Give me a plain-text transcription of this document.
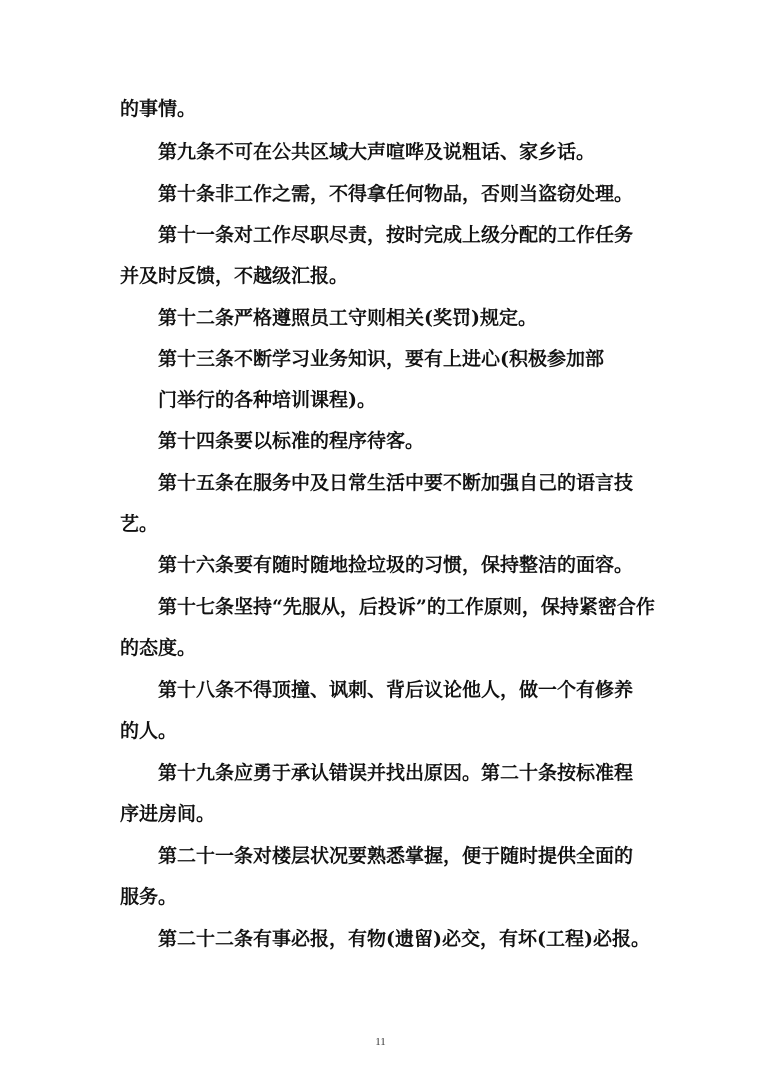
的事情。
第九条不可在公共区域大声喧哗及说粗话、家乡话。
第十条非工作之需，不得拿任何物品，否则当盗窃处理。
第十一条对工作尽职尽责，按时完成上级分配的工作任务
并及时反馈，不越级汇报。
第十二条严格遵照员工守则相关(奖罚)规定。
第十三条不断学习业务知识，要有上进心(积极参加部
门举行的各种培训课程)。
第十四条要以标准的程序待客。
第十五条在服务中及日常生活中要不断加强自己的语言技
艺。
第十六条要有随时随地捡垃圾的习惯，保持整洁的面容。
第十七条坚持“先服从，后投诉”的工作原则，保持紧密合作
的态度。
第十八条不得顶撞、讽刺、背后议论他人，做一个有修养
的人。
第十九条应勇于承认错误并找出原因。第二十条按标准程
序进房间。
第二十一条对楼层状况要熟悉掌握，便于随时提供全面的
服务。
第二十二条有事必报，有物(遗留)必交，有坏(工程)必报。
11
